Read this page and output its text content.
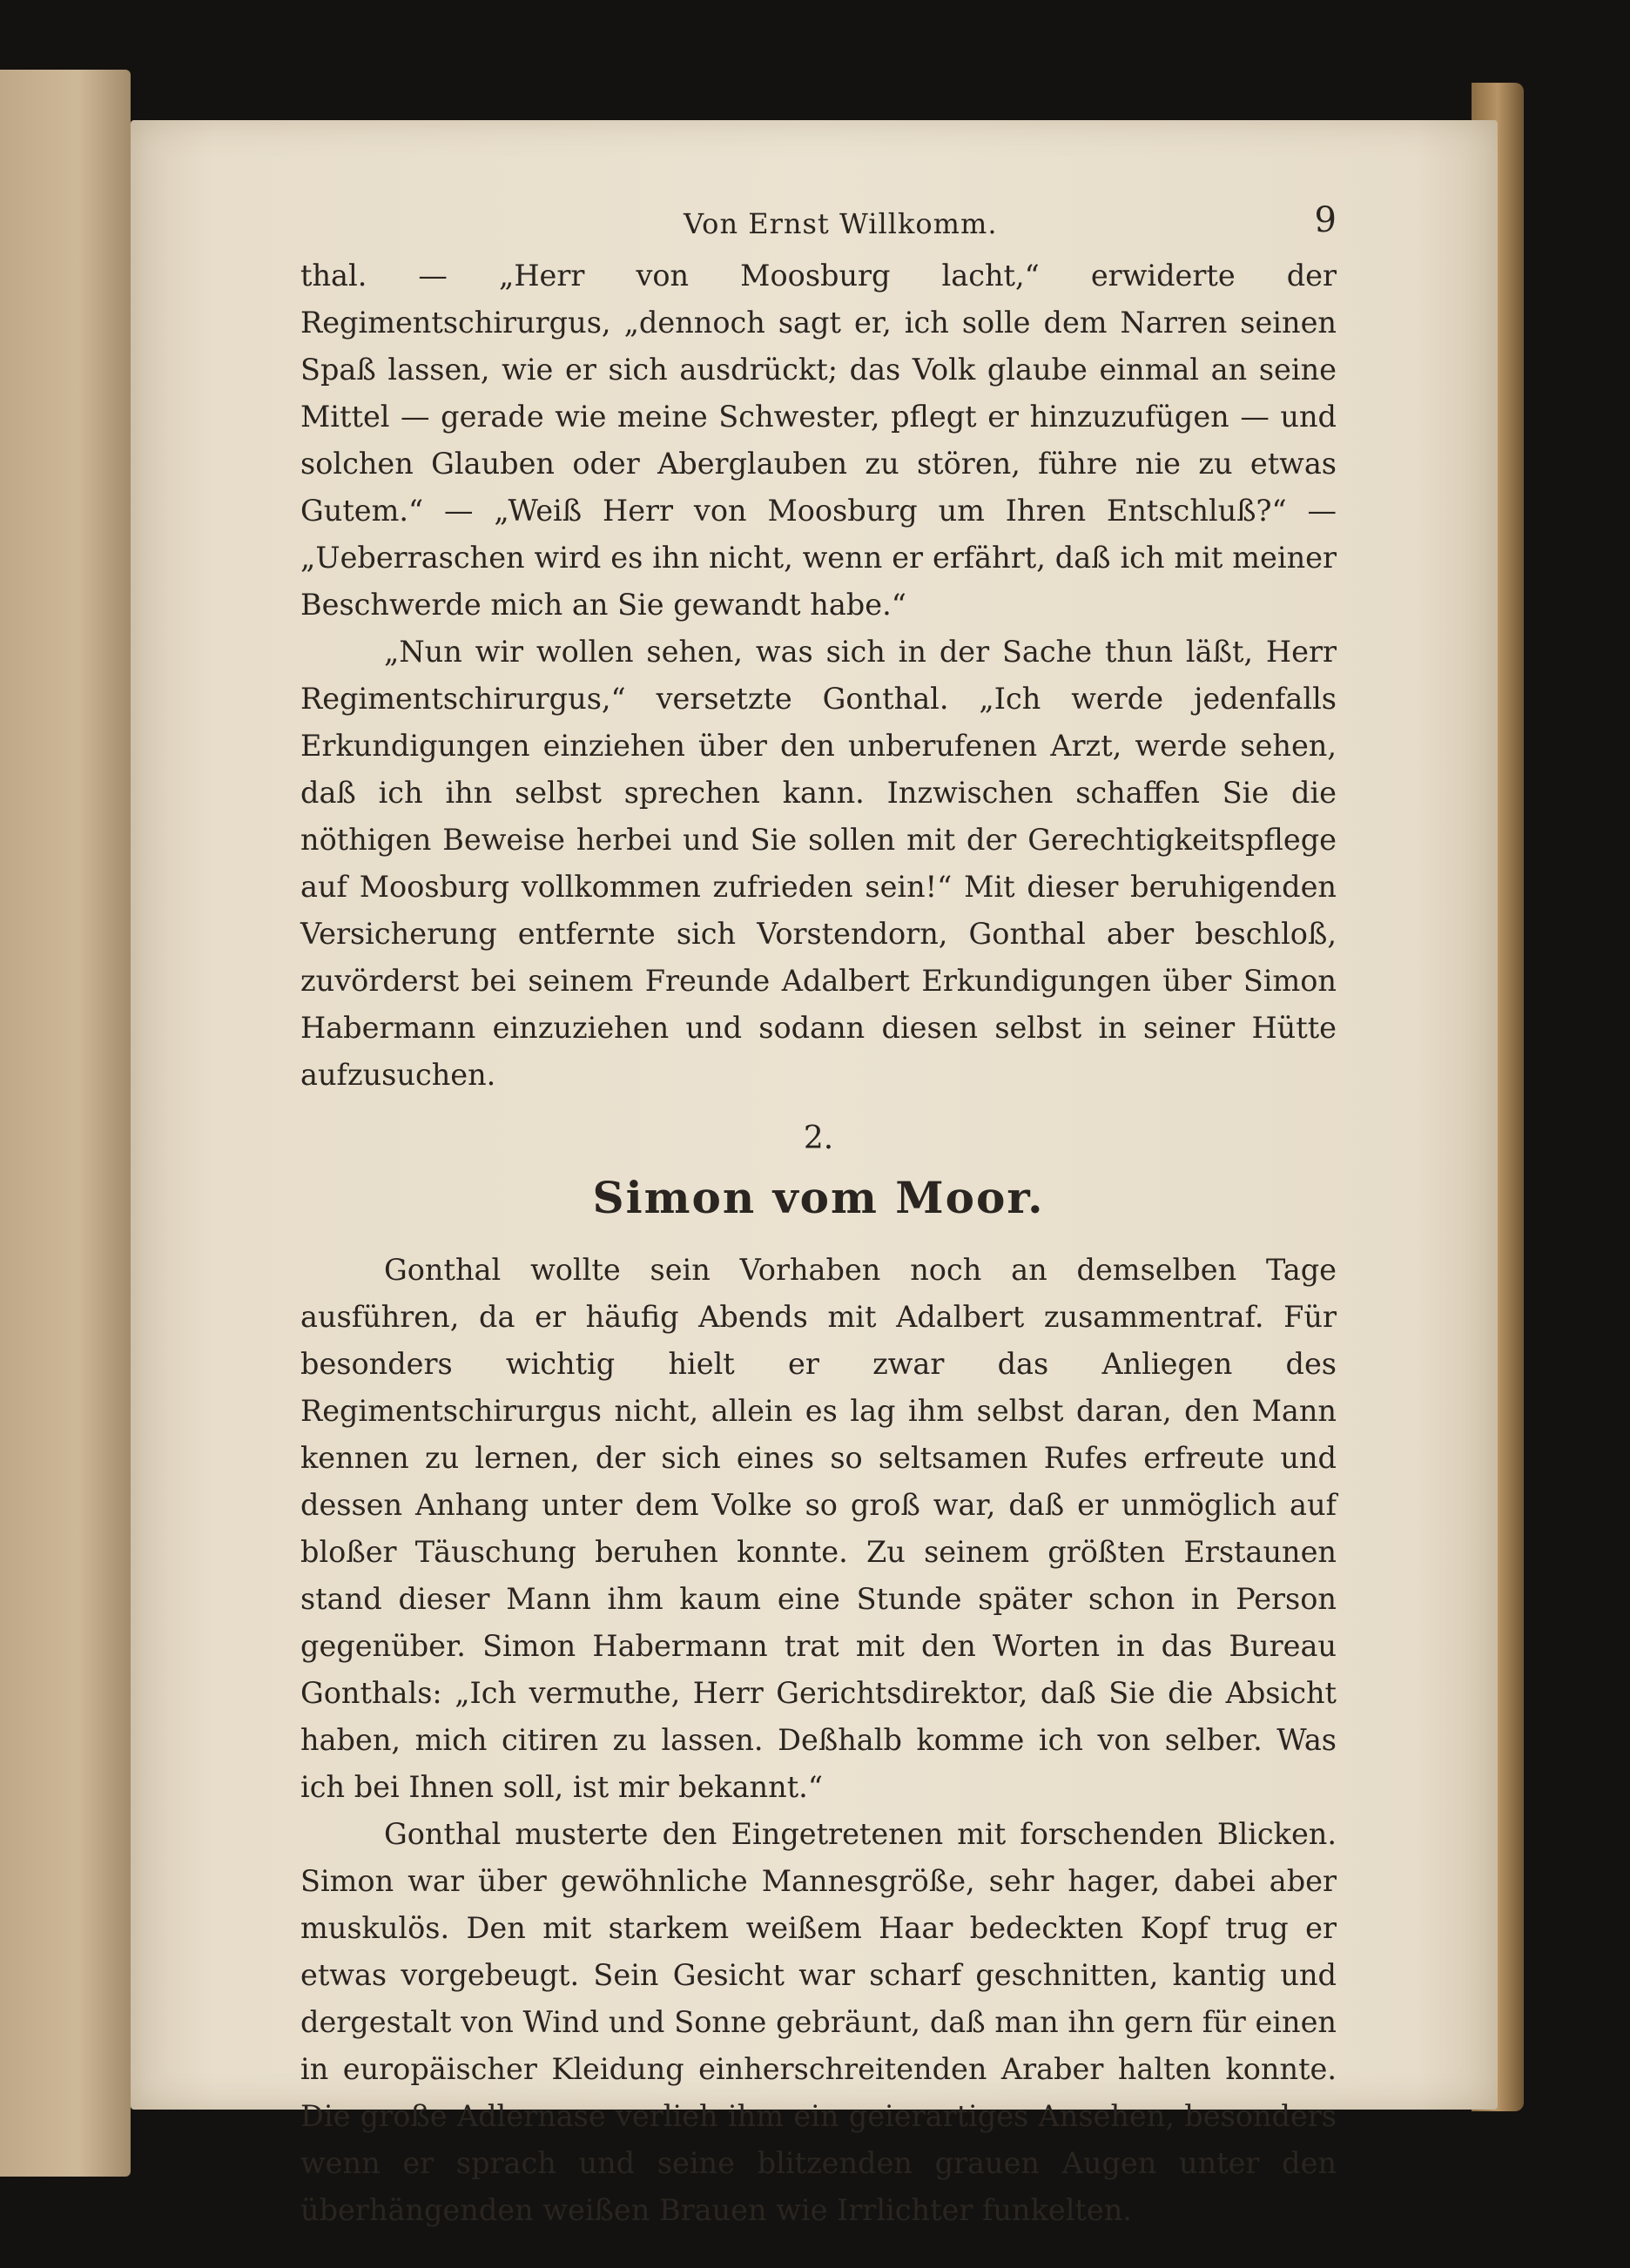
Von Ernst Willkomm.	9

thal. — „Herr von Moosburg lacht,“ erwiderte der Regimentschirurgus, „dennoch sagt er, ich solle dem Narren seinen Spaß lassen, wie er sich ausdrückt; das Volk glaube einmal an seine Mittel — gerade wie meine Schwester, pflegt er hinzuzufügen — und solchen Glauben oder Aberglauben zu stören, führe nie zu etwas Gutem.“ — „Weiß Herr von Moosburg um Ihren Entschluß?“ — „Ueberraschen wird es ihn nicht, wenn er erfährt, daß ich mit meiner Beschwerde mich an Sie gewandt habe.“

„Nun wir wollen sehen, was sich in der Sache thun läßt, Herr Regimentschirurgus,“ versetzte Gonthal. „Ich werde jedenfalls Erkundigungen einziehen über den unberufenen Arzt, werde sehen, daß ich ihn selbst sprechen kann. Inzwischen schaffen Sie die nöthigen Beweise herbei und Sie sollen mit der Gerechtigkeitspflege auf Moosburg vollkommen zufrieden sein!“ Mit dieser beruhigenden Versicherung entfernte sich Vorstendorn, Gonthal aber beschloß, zuvörderst bei seinem Freunde Adalbert Erkundigungen über Simon Habermann einzuziehen und sodann diesen selbst in seiner Hütte aufzusuchen.

2.
Simon vom Moor.

Gonthal wollte sein Vorhaben noch an demselben Tage ausführen, da er häufig Abends mit Adalbert zusammentraf. Für besonders wichtig hielt er zwar das Anliegen des Regimentschirurgus nicht, allein es lag ihm selbst daran, den Mann kennen zu lernen, der sich eines so seltsamen Rufes erfreute und dessen Anhang unter dem Volke so groß war, daß er unmöglich auf bloßer Täuschung beruhen konnte. Zu seinem größten Erstaunen stand dieser Mann ihm kaum eine Stunde später schon in Person gegenüber. Simon Habermann trat mit den Worten in das Bureau Gonthals: „Ich vermuthe, Herr Gerichtsdirektor, daß Sie die Absicht haben, mich citiren zu lassen. Deßhalb komme ich von selber. Was ich bei Ihnen soll, ist mir bekannt.“

Gonthal musterte den Eingetretenen mit forschenden Blicken. Simon war über gewöhnliche Mannesgröße, sehr hager, dabei aber muskulös. Den mit starkem weißem Haar bedeckten Kopf trug er etwas vorgebeugt. Sein Gesicht war scharf geschnitten, kantig und dergestalt von Wind und Sonne gebräunt, daß man ihn gern für einen in europäischer Kleidung einherschreitenden Araber halten konnte. Die große Adlernase verlieh ihm ein geierartiges Ansehen, besonders wenn er sprach und seine blitzenden grauen Augen unter den überhängenden weißen Brauen wie Irrlichter funkelten.
